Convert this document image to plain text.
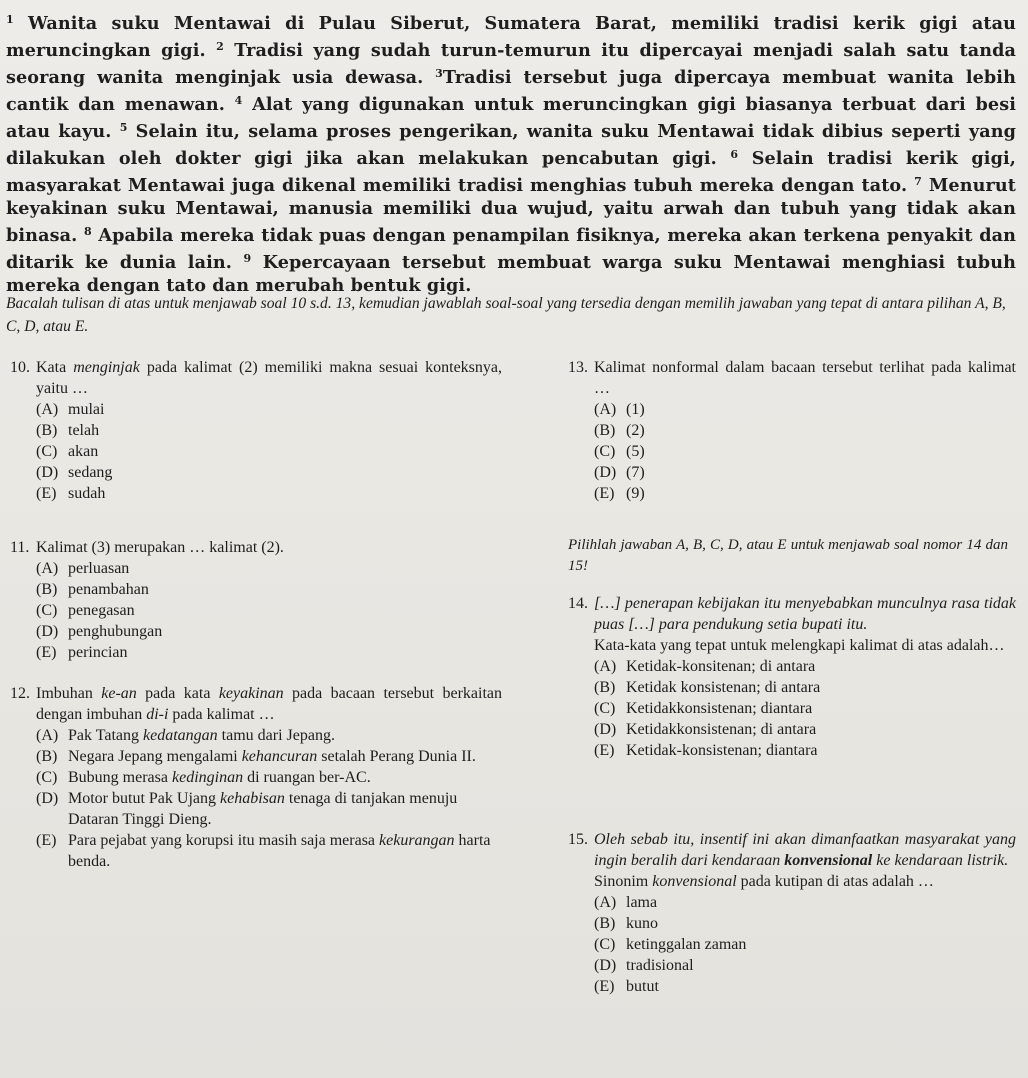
$^1$ Wanita suku Mentawai di Pulau Siberut, Sumatera Barat, memiliki tradisi kerik gigi atau meruncingkan gigi. $^2$ Tradisi yang sudah turun-temurun itu dipercayai menjadi salah satu tanda seorang wanita menginjak usia dewasa. $^3$Tradisi tersebut juga dipercaya membuat wanita lebih cantik dan menawan. $^4$ Alat yang digunakan untuk meruncingkan gigi biasanya terbuat dari besi atau kayu. $^5$ Selain itu, selama proses pengerikan, wanita suku Mentawai tidak dibius seperti yang dilakukan oleh dokter gigi jika akan melakukan pencabutan gigi. $^6$ Selain tradisi kerik gigi, masyarakat Mentawai juga dikenal memiliki tradisi menghias tubuh mereka dengan tato. $^7$ Menurut keyakinan suku Mentawai, manusia memiliki dua wujud, yaitu arwah dan tubuh yang tidak akan binasa. $^8$ Apabila mereka tidak puas dengan penampilan fisiknya, mereka akan terkena penyakit dan ditarik ke dunia lain. $^9$ Kepercayaan tersebut membuat warga suku Mentawai menghiasi tubuh mereka dengan tato dan merubah bentuk gigi.
Bacalah tulisan di atas untuk menjawab soal 10 s.d. 13, kemudian jawablah soal-soal yang tersedia dengan memilih jawaban yang tepat di antara pilihan A, B, C, D, atau E.
10. Kata menginjak pada kalimat (2) memiliki makna sesuai konteksnya, yaitu …
(A) mulai
(B) telah
(C) akan
(D) sedang
(E) sudah
11. Kalimat (3) merupakan … kalimat (2).
(A) perluasan
(B) penambahan
(C) penegasan
(D) penghubungan
(E) perincian
12. Imbuhan ke-an pada kata keyakinan pada bacaan tersebut berkaitan dengan imbuhan di-i pada kalimat …
(A) Pak Tatang kedatangan tamu dari Jepang.
(B) Negara Jepang mengalami kehancuran setalah Perang Dunia II.
(C) Bubung merasa kedinginan di ruangan ber-AC.
(D) Motor butut Pak Ujang kehabisan tenaga di tanjakan menuju Dataran Tinggi Dieng.
(E) Para pejabat yang korupsi itu masih saja merasa kekurangan harta benda.
13. Kalimat nonformal dalam bacaan tersebut terlihat pada kalimat …
(A) (1)
(B) (2)
(C) (5)
(D) (7)
(E) (9)
Pilihlah jawaban A, B, C, D, atau E untuk menjawab soal nomor 14 dan 15!
14. […] penerapan kebijakan itu menyebabkan munculnya rasa tidak puas […] para pendukung setia bupati itu.
Kata-kata yang tepat untuk melengkapi kalimat di atas adalah…
(A) Ketidak-konsitenan; di antara
(B) Ketidak konsistenan; di antara
(C) Ketidakkonsistenan; diantara
(D) Ketidakkonsistenan; di antara
(E) Ketidak-konsistenan; diantara
15. Oleh sebab itu, insentif ini akan dimanfaatkan masyarakat yang ingin beralih dari kendaraan konvensional ke kendaraan listrik.
Sinonim konvensional pada kutipan di atas adalah …
(A) lama
(B) kuno
(C) ketinggalan zaman
(D) tradisional
(E) butut
